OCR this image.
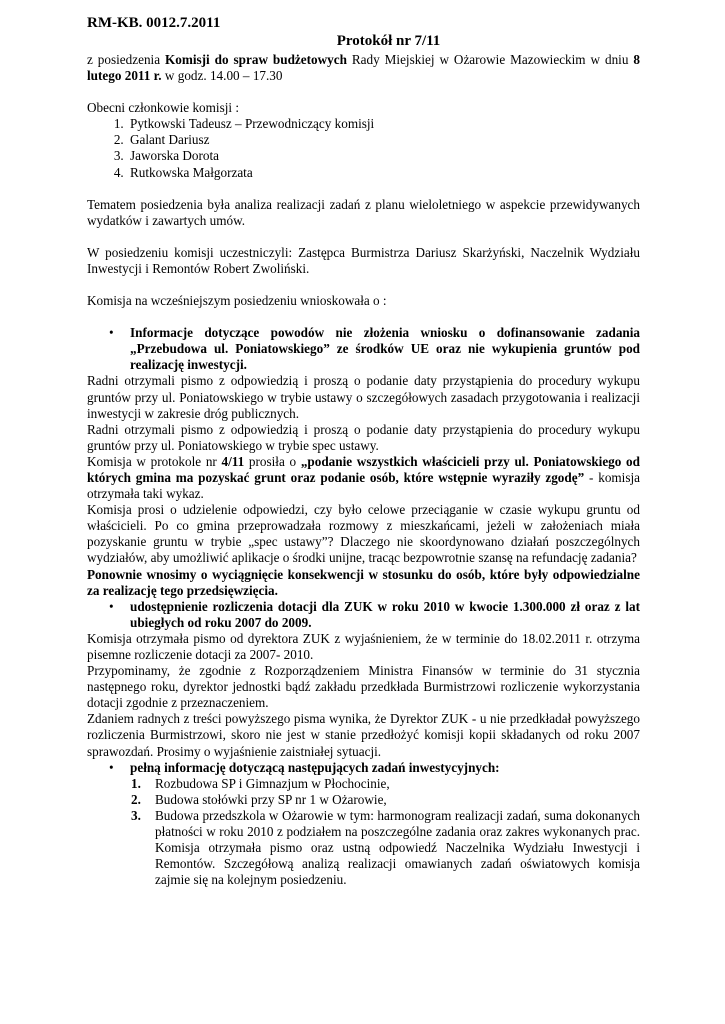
RM-KB. 0012.7.2011

Protokół nr 7/11

z posiedzenia Komisji do spraw budżetowych Rady Miejskiej w Ożarowie Mazowieckim w dniu 8 lutego 2011 r. w godz. 14.00 – 17.30

Obecni członkowie komisji :

1. Pytkowski Tadeusz – Przewodniczący komisji
2. Galant Dariusz
3. Jaworska Dorota
4. Rutkowska Małgorzata

Tematem posiedzenia była analiza realizacji zadań z planu wieloletniego w aspekcie przewidywanych wydatków i zawartych umów.

W posiedzeniu komisji uczestniczyli: Zastępca Burmistrza Dariusz Skarżyński, Naczelnik Wydziału Inwestycji i Remontów Robert Zwoliński.

Komisja na wcześniejszym posiedzeniu wnioskowała o :

• Informacje dotyczące powodów nie złożenia wniosku o dofinansowanie zadania „Przebudowa ul. Poniatowskiego” ze środków UE oraz nie wykupienia gruntów pod realizację inwestycji.

Radni otrzymali pismo z odpowiedzią i proszą o podanie daty przystąpienia do procedury wykupu gruntów przy ul. Poniatowskiego w trybie ustawy o szczegółowych zasadach przygotowania i realizacji inwestycji w zakresie dróg publicznych.

Radni otrzymali pismo z odpowiedzią i proszą o podanie daty przystąpienia do procedury wykupu gruntów przy ul. Poniatowskiego w trybie spec ustawy.

Komisja w protokole nr 4/11 prosiła o „podanie wszystkich właścicieli przy ul. Poniatowskiego od których gmina ma pozyskać grunt oraz podanie osób, które wstępnie wyraziły zgodę” - komisja otrzymała taki wykaz.

Komisja prosi o udzielenie odpowiedzi, czy było celowe przeciąganie w czasie wykupu gruntu od właścicieli. Po co gmina przeprowadzała rozmowy z mieszkańcami, jeżeli w założeniach miała pozyskanie gruntu w trybie „spec ustawy”? Dlaczego nie skoordynowano działań poszczególnych wydziałów, aby umożliwić aplikacje o środki unijne, tracąc bezpowrotnie szansę na refundację zadania?

Ponownie wnosimy o wyciągnięcie konsekwencji w stosunku do osób, które były odpowiedzialne za realizację tego przedsięwzięcia.

• udostępnienie rozliczenia dotacji dla ZUK w roku 2010 w kwocie 1.300.000 zł oraz z lat ubiegłych od roku 2007 do 2009.

Komisja otrzymała pismo od dyrektora ZUK z wyjaśnieniem, że w terminie do 18.02.2011 r. otrzyma pisemne rozliczenie dotacji za 2007- 2010.

Przypominamy, że zgodnie z Rozporządzeniem Ministra Finansów w terminie do 31 stycznia następnego roku, dyrektor jednostki bądź zakładu przedkłada Burmistrzowi rozliczenie wykorzystania dotacji zgodnie z przeznaczeniem.

Zdaniem radnych z treści powyższego pisma wynika, że Dyrektor ZUK - u nie przedkładał powyższego rozliczenia Burmistrzowi, skoro nie jest w stanie przedłożyć komisji kopii składanych od roku 2007 sprawozdań. Prosimy o wyjaśnienie zaistniałej sytuacji.

• pełną informację dotyczącą następujących zadań inwestycyjnych:
1. Rozbudowa SP i Gimnazjum w Płochocinie,
2. Budowa stołówki przy SP nr 1 w Ożarowie,
3. Budowa przedszkola w Ożarowie w tym: harmonogram realizacji zadań, suma dokonanych płatności w roku 2010 z podziałem na poszczególne zadania oraz zakres wykonanych prac. Komisja otrzymała pismo oraz ustną odpowiedź Naczelnika Wydziału Inwestycji i Remontów. Szczegółową analizą realizacji omawianych zadań oświatowych komisja zajmie się na kolejnym posiedzeniu.
